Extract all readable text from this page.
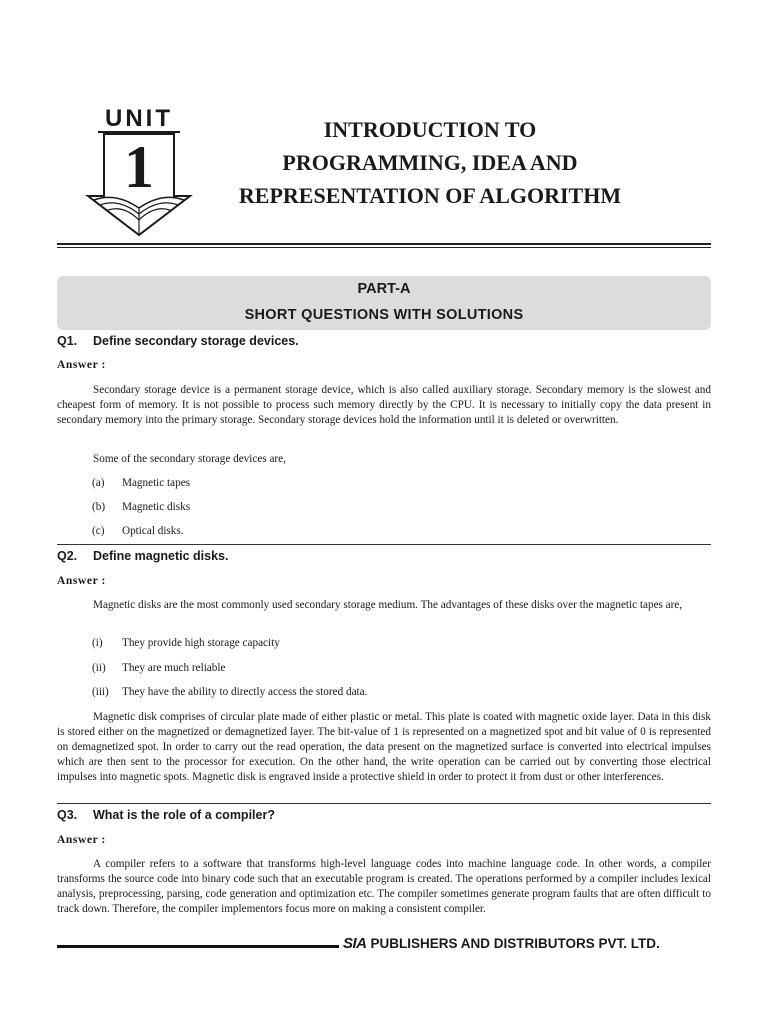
UNIT
1
INTRODUCTION TO
PROGRAMMING, IDEA AND
REPRESENTATION OF ALGORITHM
PART-A
SHORT QUESTIONS WITH SOLUTIONS
Q1. Define secondary storage devices.
Answer :
Secondary storage device is a permanent storage device, which is also called auxiliary storage. Secondary memory is the slowest and cheapest form of memory. It is not possible to process such memory directly by the CPU. It is necessary to initially copy the data present in secondary memory into the primary storage. Secondary storage devices hold the information until it is deleted or overwritten.
Some of the secondary storage devices are,
(a) Magnetic tapes
(b) Magnetic disks
(c) Optical disks.
Q2. Define magnetic disks.
Answer :
Magnetic disks are the most commonly used secondary storage medium. The advantages of these disks over the magnetic tapes are,
(i) They provide high storage capacity
(ii) They are much reliable
(iii) They have the ability to directly access the stored data.
Magnetic disk comprises of circular plate made of either plastic or metal. This plate is coated with magnetic oxide layer. Data in this disk is stored either on the magnetized or demagnetized layer. The bit-value of 1 is represented on a magnetized spot and bit value of 0 is represented on demagnetized spot. In order to carry out the read operation, the data present on the magnetized surface is converted into electrical impulses which are then sent to the processor for execution. On the other hand, the write operation can be carried out by converting those electrical impulses into magnetic spots. Magnetic disk is engraved inside a protective shield in order to protect it from dust or other interferences.
Q3. What is the role of a compiler?
Answer :
A compiler refers to a software that transforms high-level language codes into machine language code. In other words, a compiler transforms the source code into binary code such that an executable program is created. The operations performed by a compiler includes lexical analysis, preprocessing, parsing, code generation and optimization etc. The compiler sometimes generate program faults that are often difficult to track down. Therefore, the compiler implementors focus more on making a consistent compiler.
SIA PUBLISHERS AND DISTRIBUTORS PVT. LTD.
